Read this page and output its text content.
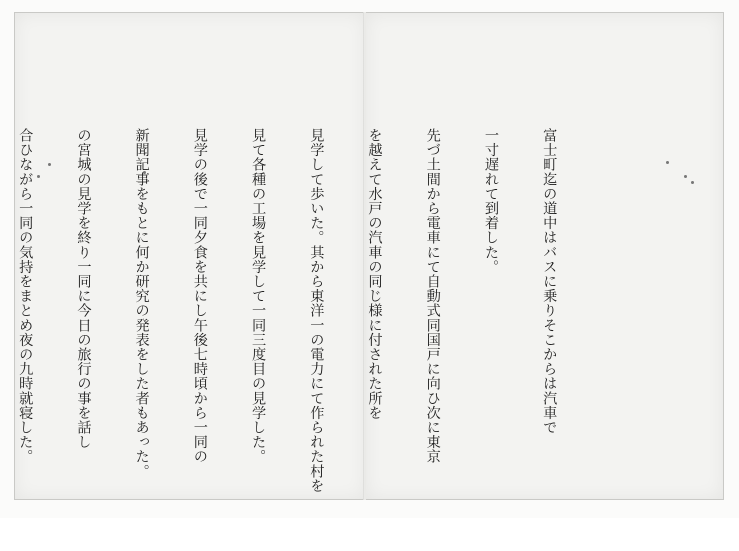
富士町迄の道中はバスに乗りそこからは汽車で

一寸遅れて到着した。

先づ土間から電車にて自動式同国戸に向ひ次に東京

を越えて水戸の汽車の同じ様に付された所を

見学して歩いた。其から東洋一の電力にて作られた村を

見て各種の工場を見学して一同三度目の見学した。

見学の後で一同夕食を共にし午後七時頃から一同の

新聞記事をもとに何か研究の発表をした者もあった。

の宮城の見学を終り一同に今日の旅行の事を話し

合ひながら一同の気持をまとめ夜の九時就寝した。
